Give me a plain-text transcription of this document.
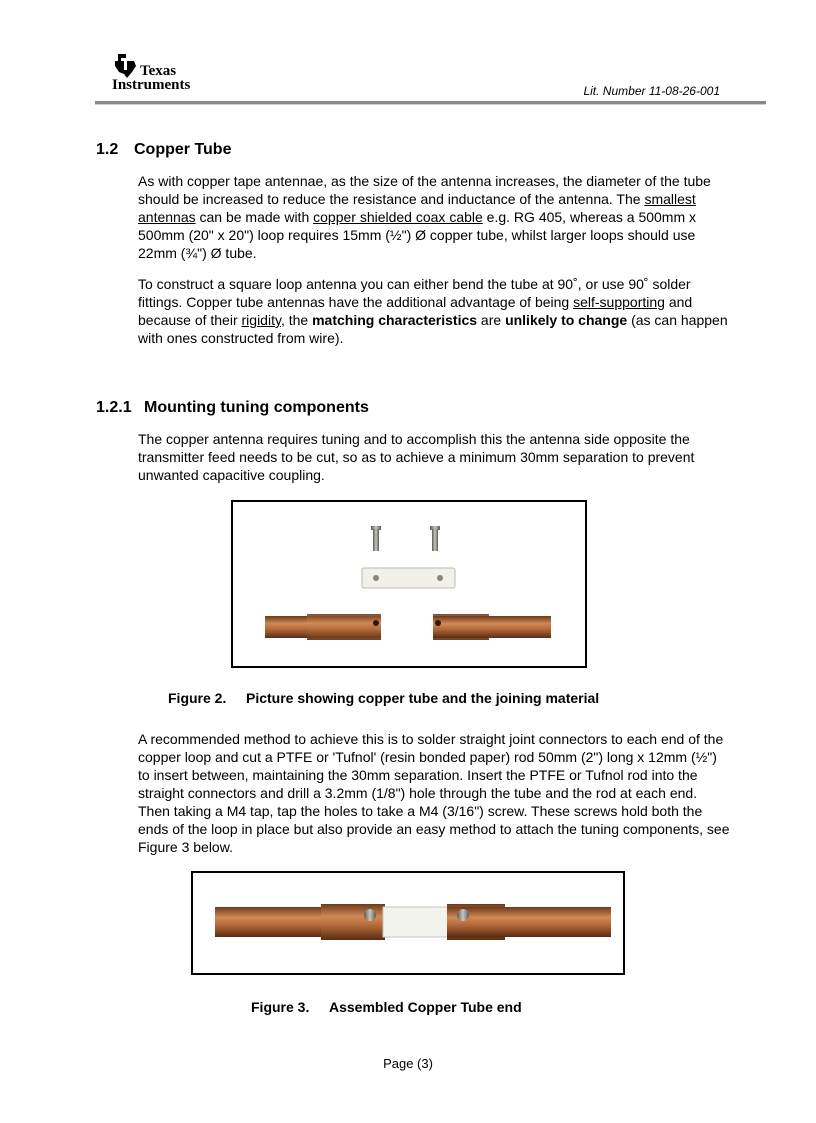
Texas
Instruments	Lit. Number 11-08-26-001
1.2 Copper Tube

As with copper tape antennae, as the size of the antenna increases, the diameter of the tube should be increased to reduce the resistance and inductance of the antenna. The smallest antennas can be made with copper shielded coax cable e.g. RG 405, whereas a 500mm x 500mm (20" x 20") loop requires 15mm (½") Ø copper tube, whilst larger loops should use 22mm (¾") Ø tube.

To construct a square loop antenna you can either bend the tube at 90˚, or use 90˚ solder fittings. Copper tube antennas have the additional advantage of being self-supporting and because of their rigidity, the matching characteristics are unlikely to change (as can happen with ones constructed from wire).

1.2.1 Mounting tuning components

The copper antenna requires tuning and to accomplish this the antenna side opposite the transmitter feed needs to be cut, so as to achieve a minimum 30mm separation to prevent unwanted capacitive coupling.

Figure 2. Picture showing copper tube and the joining material

A recommended method to achieve this is to solder straight joint connectors to each end of the copper loop and cut a PTFE or 'Tufnol' (resin bonded paper) rod 50mm (2") long x 12mm (½") to insert between, maintaining the 30mm separation. Insert the PTFE or Tufnol rod into the straight connectors and drill a 3.2mm (1/8") hole through the tube and the rod at each end. Then taking a M4 tap, tap the holes to take a M4 (3/16") screw. These screws hold both the ends of the loop in place but also provide an easy method to attach the tuning components, see Figure 3 below.

Figure 3. Assembled Copper Tube end
Page (3)
